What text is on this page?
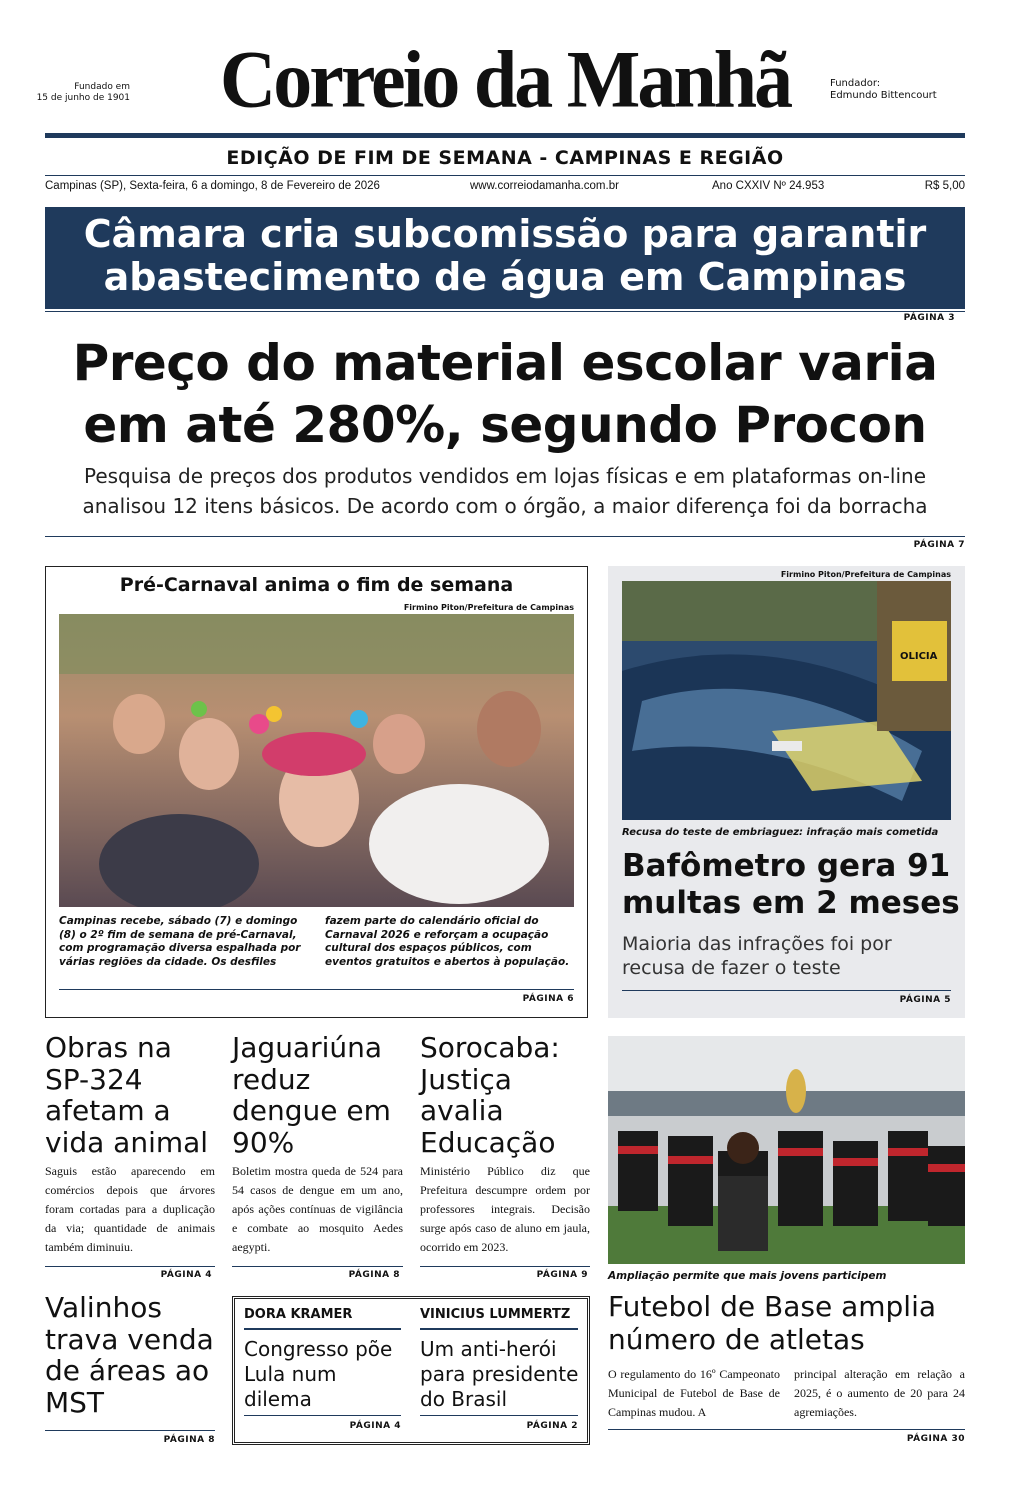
Fundado em
15 de junho de 1901	Correio da Manhã	Fundador:
Edmundo Bittencourt
EDIÇÃO DE FIM DE SEMANA - CAMPINAS E REGIÃO
Campinas (SP), Sexta-feira, 6 a domingo, 8 de Fevereiro de 2026	www.correiodamanha.com.br	Ano CXXIV Nº 24.953	R$ 5,00
Câmara cria subcomissão para garantir abastecimento de água em Campinas
PÁGINA 3
Preço do material escolar varia em até 280%, segundo Procon
Pesquisa de preços dos produtos vendidos em lojas físicas e em plataformas on-line analisou 12 itens básicos. De acordo com o órgão, a maior diferença foi da borracha
PÁGINA 7
Pré-Carnaval anima o fim de semana
Firmino Piton/Prefeitura de Campinas
Campinas recebe, sábado (7) e domingo (8) o 2º fim de semana de pré-Carnaval, com programação diversa espalhada por várias regiões da cidade. Os desfiles
fazem parte do calendário oficial do Carnaval 2026 e reforçam a ocupação cultural dos espaços públicos, com eventos gratuitos e abertos à população.
PÁGINA 6
Firmino Piton/Prefeitura de Campinas
OLICIA
Recusa do teste de embriaguez: infração mais cometida
Bafômetro gera 91 multas em 2 meses
Maioria das infrações foi por recusa de fazer o teste
PÁGINA 5
Obras na SP-324 afetam a vida animal
Saguis estão aparecendo em comércios depois que árvores foram cortadas para a duplicação da via; quantidade de animais também diminuiu.
PÁGINA 4
Jaguariúna reduz dengue em 90%
Boletim mostra queda de 524 para 54 casos de dengue em um ano, após ações contínuas de vigilância e combate ao mosquito Aedes aegypti.
PÁGINA 8
Sorocaba: Justiça avalia Educação
Ministério Público diz que Prefeitura descumpre ordem por professores integrais. Decisão surge após caso de aluno em jaula, ocorrido em 2023.
PÁGINA 9 Ampliação permite que mais jovens participem
Valinhos trava venda de áreas ao MST
PÁGINA 8
DORA KRAMER
Congresso põe Lula num dilema
PÁGINA 4
VINICIUS LUMMERTZ
Um anti-herói para presidente do Brasil
PÁGINA 2
Futebol de Base amplia número de atletas
O regulamento do 16º Campeonato Municipal de Futebol de Base de Campinas mudou. A
principal alteração em relação a 2025, é o aumento de 20 para 24 agremiações.
PÁGINA 30
